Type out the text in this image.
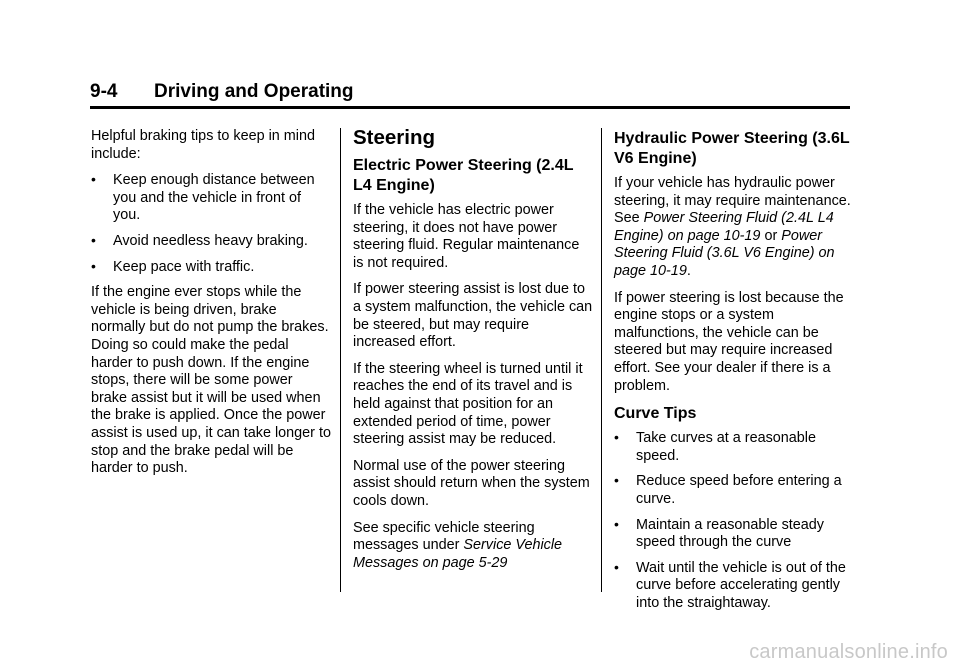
9-4 Driving and Operating

Helpful braking tips to keep in mind include:

• Keep enough distance between you and the vehicle in front of you.
• Avoid needless heavy braking.
• Keep pace with traffic.

If the engine ever stops while the vehicle is being driven, brake normally but do not pump the brakes. Doing so could make the pedal harder to push down. If the engine stops, there will be some power brake assist but it will be used when the brake is applied. Once the power assist is used up, it can take longer to stop and the brake pedal will be harder to push.

Steering
Electric Power Steering (2.4L L4 Engine)

If the vehicle has electric power steering, it does not have power steering fluid. Regular maintenance is not required.

If power steering assist is lost due to a system malfunction, the vehicle can be steered, but may require increased effort.

If the steering wheel is turned until it reaches the end of its travel and is held against that position for an extended period of time, power steering assist may be reduced.

Normal use of the power steering assist should return when the system cools down.

See specific vehicle steering messages under Service Vehicle Messages on page 5-29

Hydraulic Power Steering (3.6L V6 Engine)

If your vehicle has hydraulic power steering, it may require maintenance. See Power Steering Fluid (2.4L L4 Engine) on page 10-19 or Power Steering Fluid (3.6L V6 Engine) on page 10-19.

If power steering is lost because the engine stops or a system malfunctions, the vehicle can be steered but may require increased effort. See your dealer if there is a problem.

Curve Tips
• Take curves at a reasonable speed.
• Reduce speed before entering a curve.
• Maintain a reasonable steady speed through the curve
• Wait until the vehicle is out of the curve before accelerating gently into the straightaway.
carmanualsonline.info
